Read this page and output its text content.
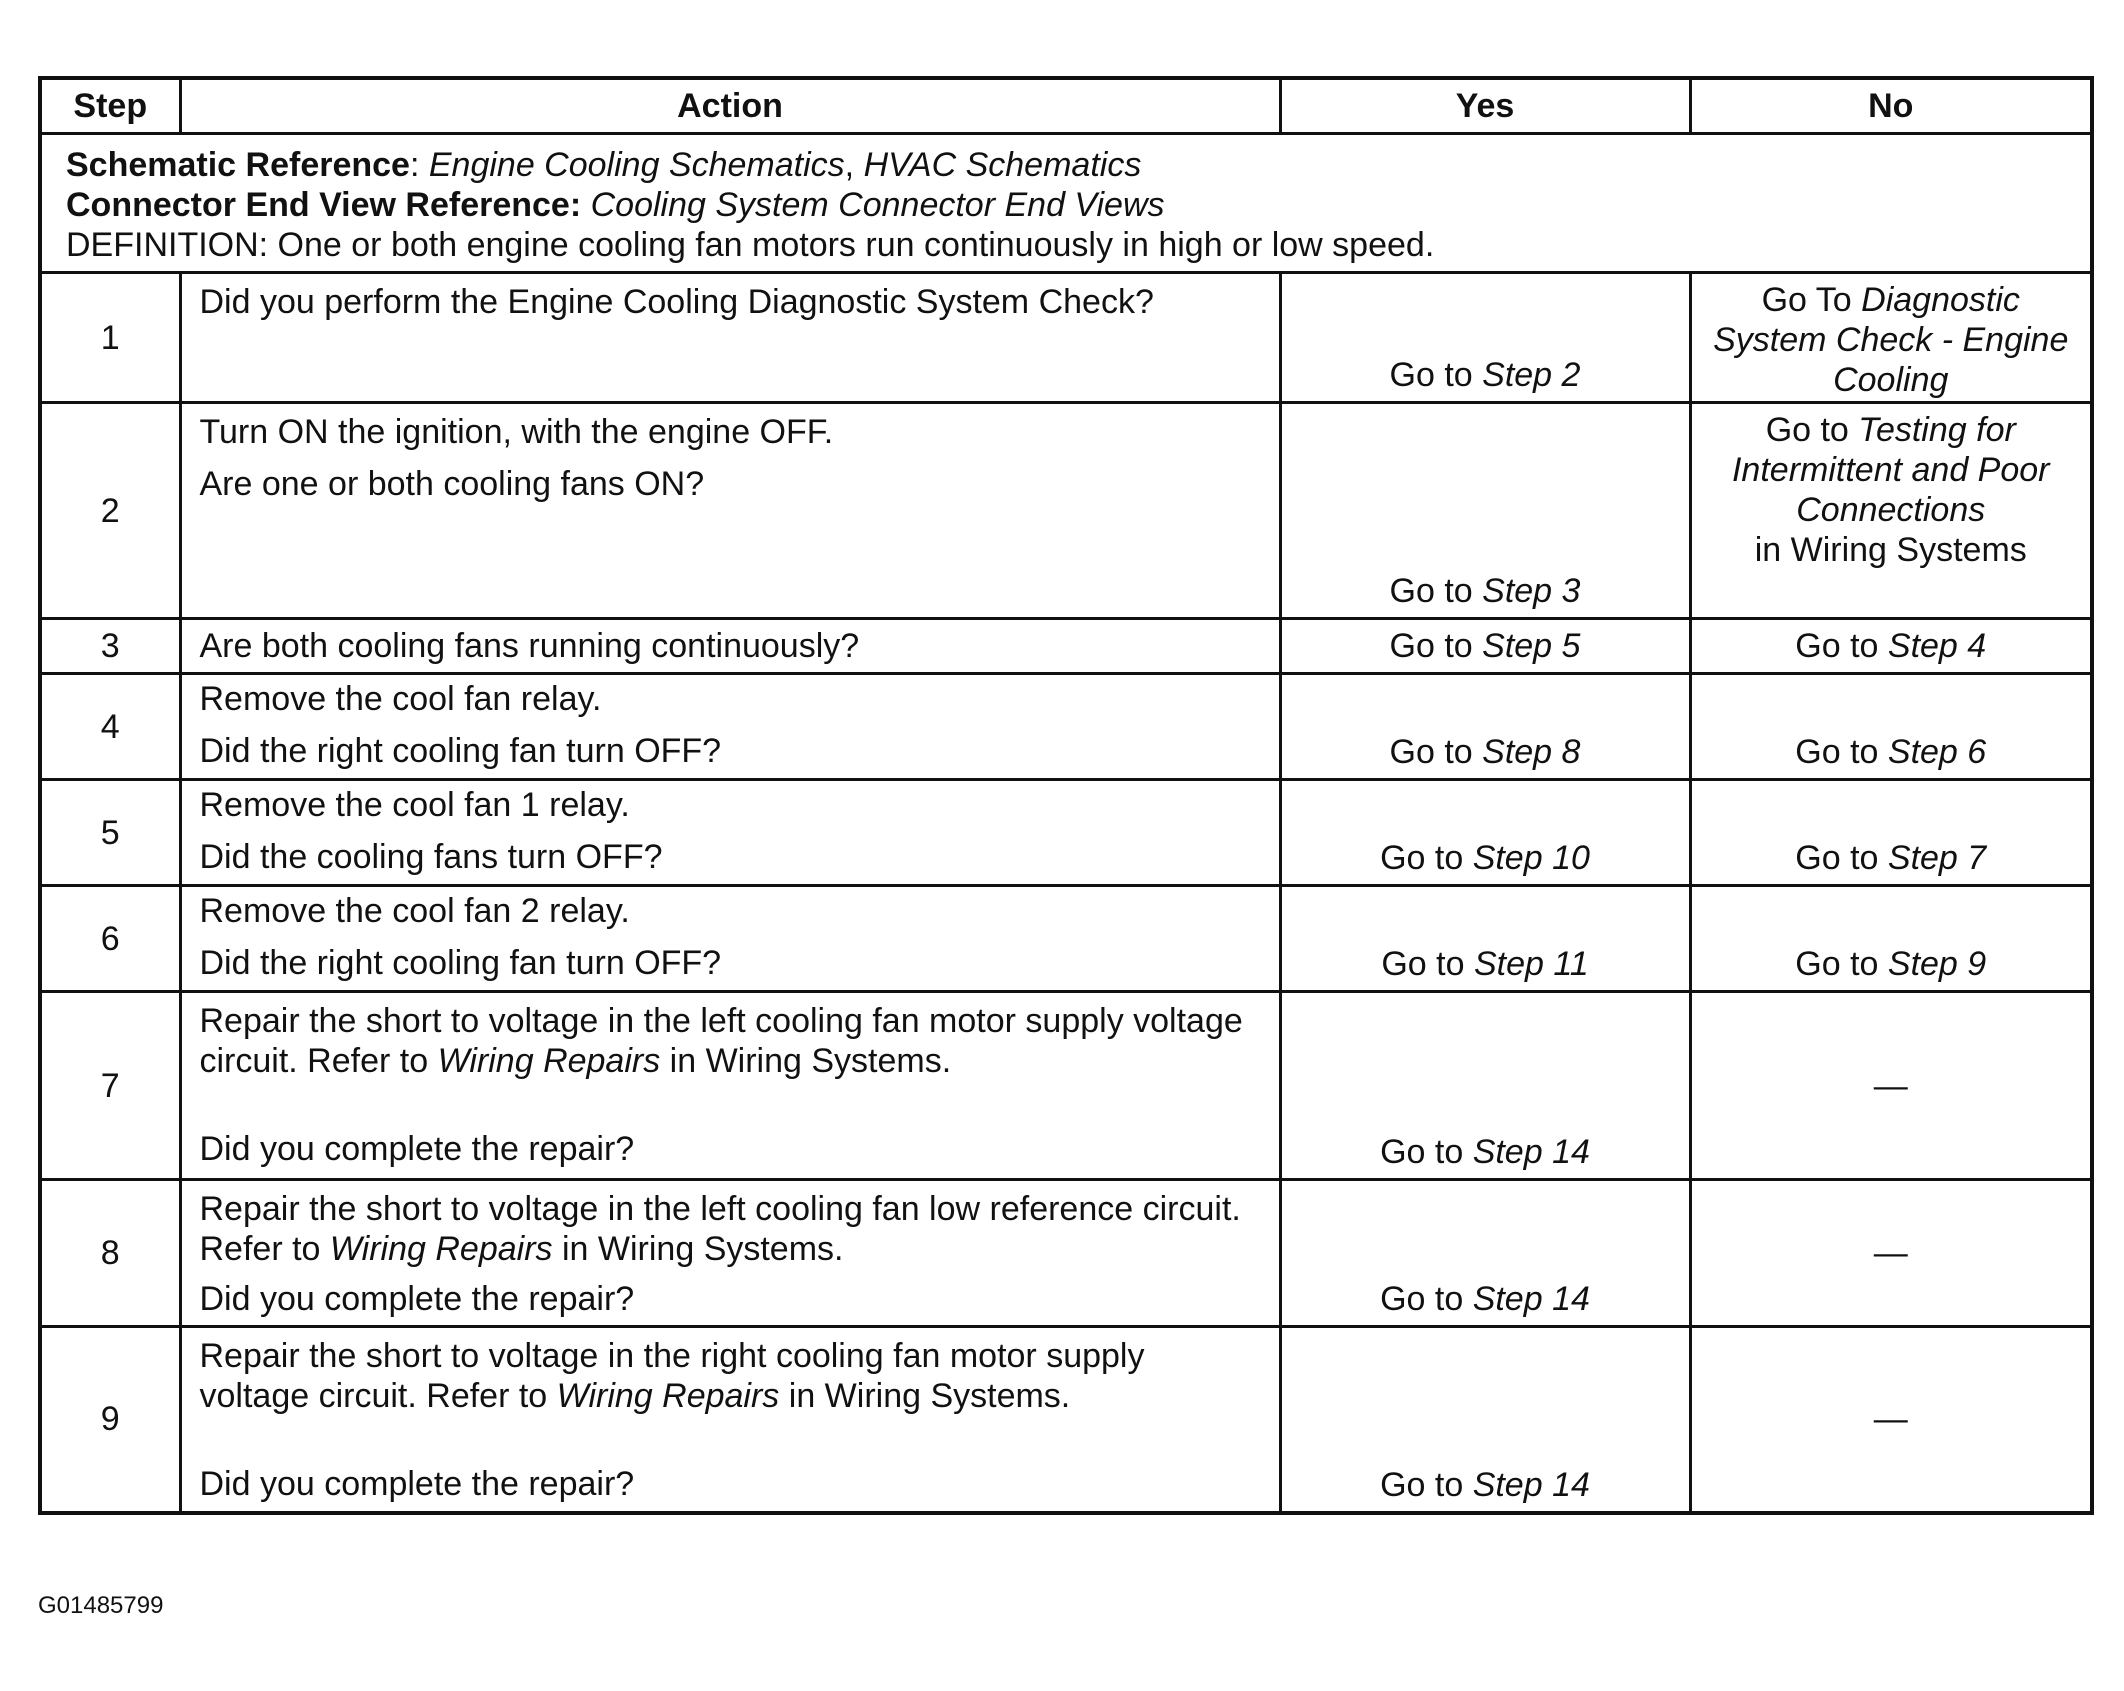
Step	Action	Yes	No

Schematic Reference: Engine Cooling Schematics, HVAC Schematics
Connector End View Reference: Cooling System Connector End Views
DEFINITION: One or both engine cooling fan motors run continuously in high or low speed.			

1	Did you perform the Engine Cooling Diagnostic System Check?	Go to Step 2	Go To Diagnostic System Check - Engine Cooling
2	Turn ON the ignition, with the engine OFF.
Are one or both cooling fans ON?	Go to Step 3	Go to Testing for Intermittent and Poor Connections
in Wiring Systems
3	Are both cooling fans running continuously?	Go to Step 5	Go to Step 4
4	Remove the cool fan relay.
Did the right cooling fan turn OFF?	Go to Step 8	Go to Step 6
5	Remove the cool fan 1 relay.
Did the cooling fans turn OFF?	Go to Step 10	Go to Step 7
6	Remove the cool fan 2 relay.
Did the right cooling fan turn OFF?	Go to Step 11	Go to Step 9
7	Repair the short to voltage in the left cooling fan motor supply voltage circuit. Refer to Wiring Repairs in Wiring Systems.
Did you complete the repair?	Go to Step 14	—
8	Repair the short to voltage in the left cooling fan low reference circuit. Refer to Wiring Repairs in Wiring Systems.
Did you complete the repair?	Go to Step 14	—
9	Repair the short to voltage in the right cooling fan motor supply voltage circuit. Refer to Wiring Repairs in Wiring Systems.
Did you complete the repair?	Go to Step 14	—
G01485799
